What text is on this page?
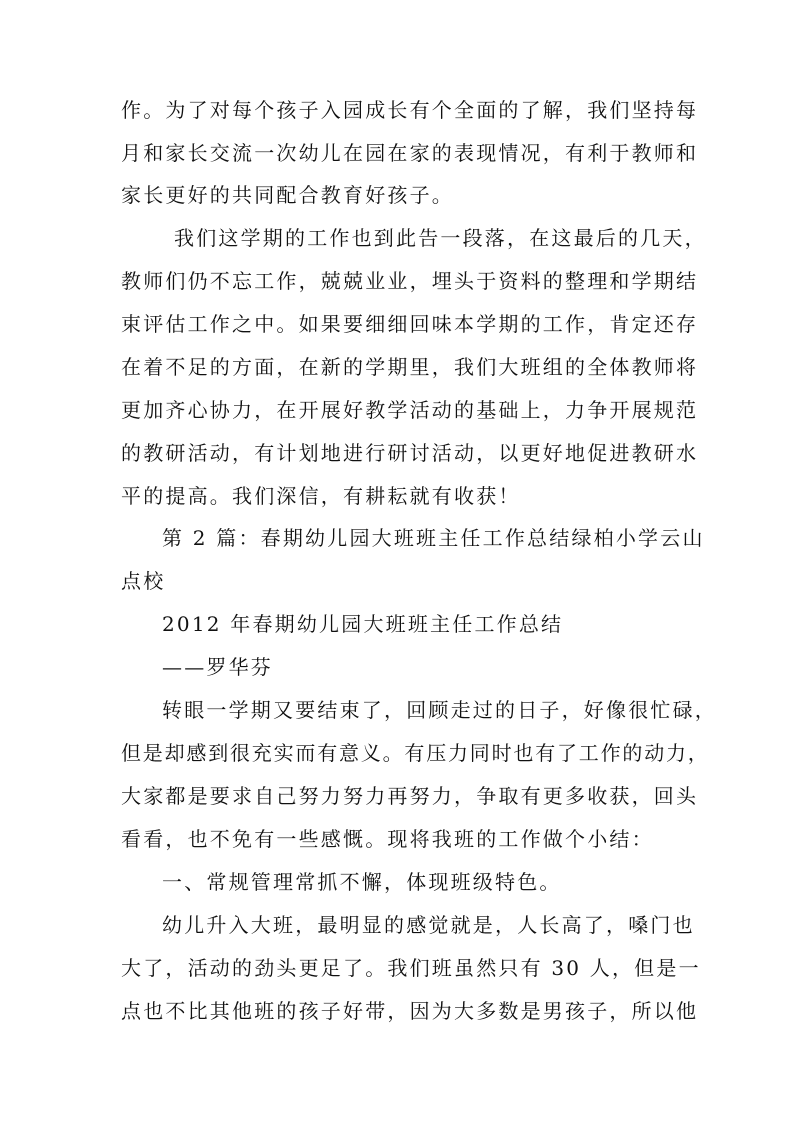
作。为了对每个孩子入园成长有个全面的了解，我们坚持每
月和家长交流一次幼儿在园在家的表现情况，有利于教师和
家长更好的共同配合教育好孩子。
我们这学期的工作也到此告一段落，在这最后的几天，
教师们仍不忘工作，兢兢业业，埋头于资料的整理和学期结
束评估工作之中。如果要细细回味本学期的工作，肯定还存
在着不足的方面，在新的学期里，我们大班组的全体教师将
更加齐心协力，在开展好教学活动的基础上，力争开展规范
的教研活动，有计划地进行研讨活动，以更好地促进教研水
平的提高。我们深信，有耕耘就有收获！
第 2 篇：春期幼儿园大班班主任工作总结绿柏小学云山
点校
2012 年春期幼儿园大班班主任工作总结
——罗华芬
转眼一学期又要结束了，回顾走过的日子，好像很忙碌，
但是却感到很充实而有意义。有压力同时也有了工作的动力，
大家都是要求自己努力努力再努力，争取有更多收获，回头
看看，也不免有一些感慨。现将我班的工作做个小结：
一、常规管理常抓不懈，体现班级特色。
幼儿升入大班，最明显的感觉就是，人长高了，嗓门也
大了，活动的劲头更足了。我们班虽然只有 30 人，但是一
点也不比其他班的孩子好带，因为大多数是男孩子，所以他
